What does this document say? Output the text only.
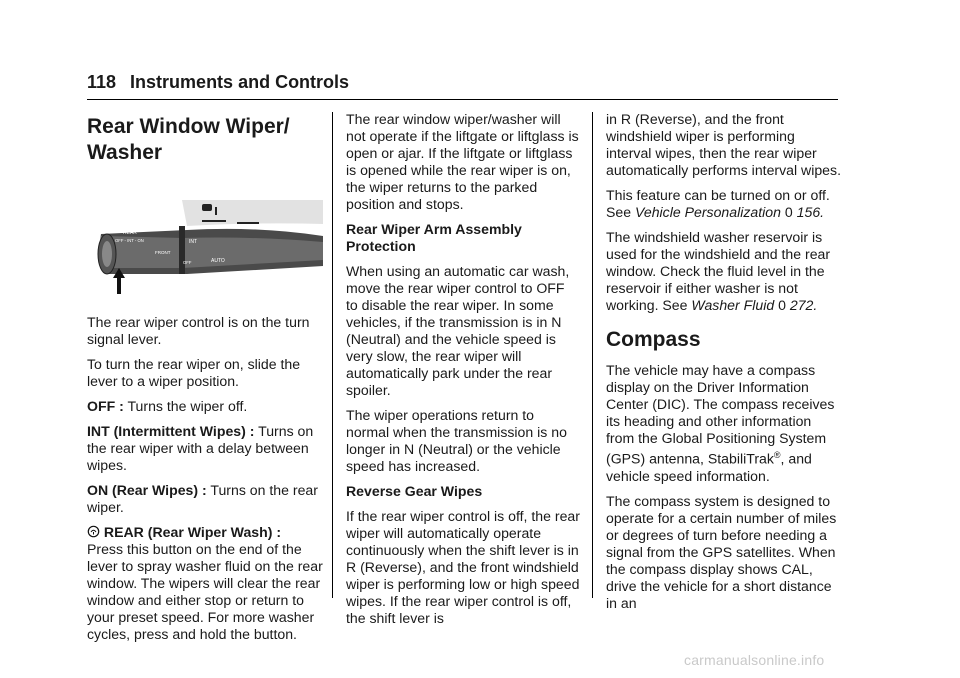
118 Instruments and Controls
Rear Window Wiper/
Washer
REAR
OFF - INT - ON
FRONT
INT
OFF	AUTO

The rear wiper control is on the turn signal lever.

To turn the rear wiper on, slide the lever to a wiper position.

OFF : Turns the wiper off.

INT (Intermittent Wipes) : Turns on the rear wiper with a delay between wipes.

ON (Rear Wipes) : Turns on the rear wiper.

REAR (Rear Wiper Wash) :
Press this button on the end of the lever to spray washer fluid on the rear window. The wipers will clear the rear window and either stop or return to your preset speed. For more washer cycles, press and hold the button.

The rear window wiper/washer will not operate if the liftgate or liftglass is open or ajar. If the liftgate or liftglass is opened while the rear wiper is on, the wiper returns to the parked position and stops.

Rear Wiper Arm Assembly Protection

When using an automatic car wash, move the rear wiper control to OFF to disable the rear wiper. In some vehicles, if the transmission is in N (Neutral) and the vehicle speed is very slow, the rear wiper will automatically park under the rear spoiler.

The wiper operations return to normal when the transmission is no longer in N (Neutral) or the vehicle speed has increased.

Reverse Gear Wipes

If the rear wiper control is off, the rear wiper will automatically operate continuously when the shift lever is in R (Reverse), and the front windshield wiper is performing low or high speed wipes. If the rear wiper control is off, the shift lever is

in R (Reverse), and the front windshield wiper is performing interval wipes, then the rear wiper automatically performs interval wipes.

This feature can be turned on or off. See Vehicle Personalization 0 156.

The windshield washer reservoir is used for the windshield and the rear window. Check the fluid level in the reservoir if either washer is not working. See Washer Fluid 0 272.

Compass

The vehicle may have a compass display on the Driver Information Center (DIC). The compass receives its heading and other information from the Global Positioning System (GPS) antenna, StabiliTrak®, and vehicle speed information.

The compass system is designed to operate for a certain number of miles or degrees of turn before needing a signal from the GPS satellites. When the compass display shows CAL, drive the vehicle for a short distance in an

carmanualsonline.info
